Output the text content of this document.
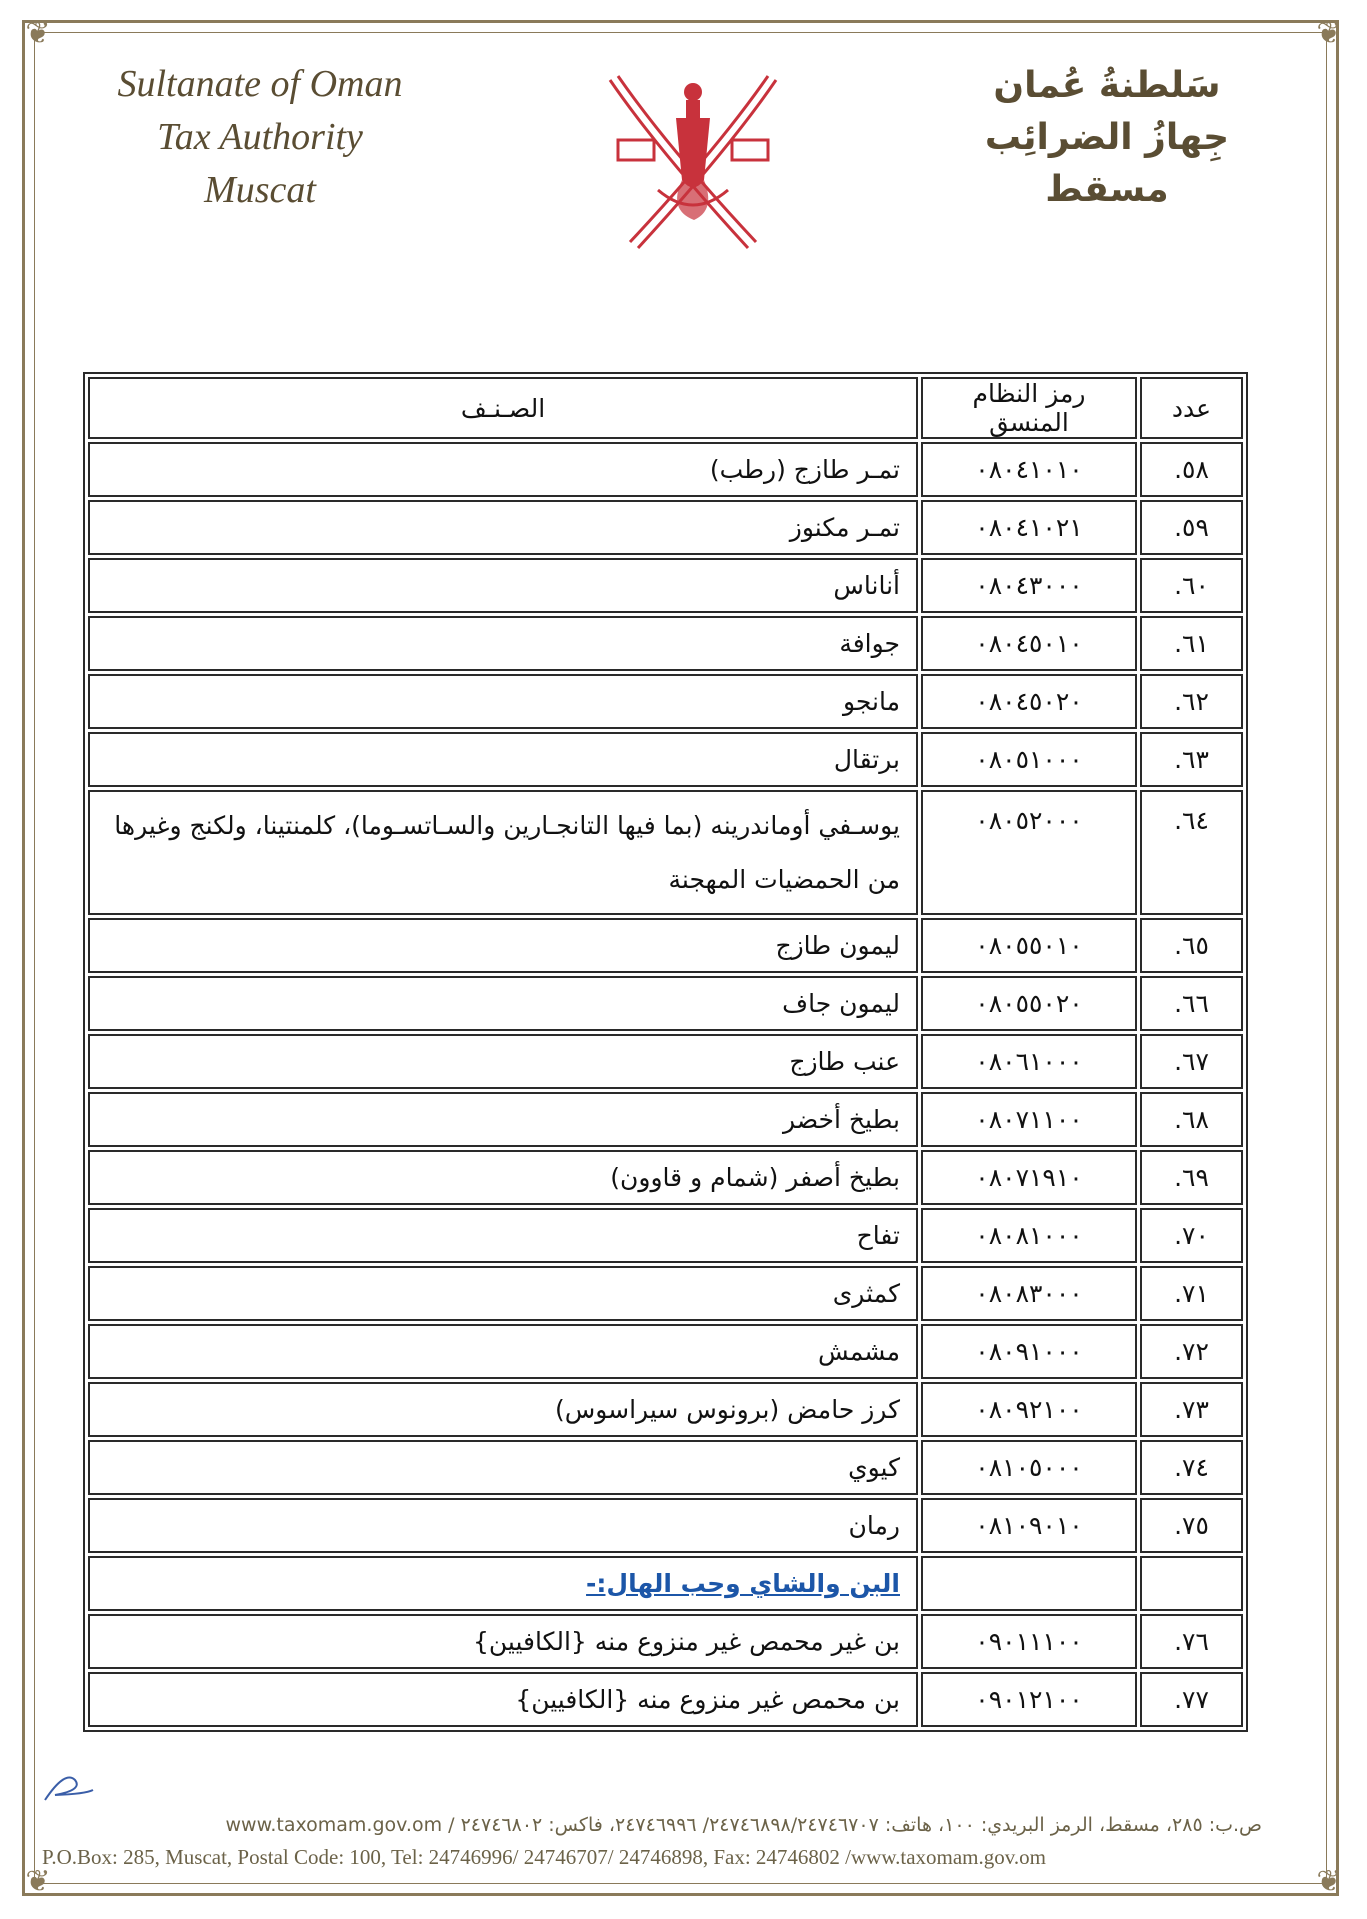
❦	❦
❦	❦
Sultanate of Oman
Tax Authority
Muscat
سَلطنةُ عُمان
جِهازُ الضرائِب
مسقط
عدد	رمز النظام المنسق	الصـنـف
٥٨.	٠٨٠٤١٠١٠	تمـر طازج (رطب)
٥٩.	٠٨٠٤١٠٢١	تمـر مكنوز
٦٠.	٠٨٠٤٣٠٠٠	أناناس
٦١.	٠٨٠٤٥٠١٠	جوافة
٦٢.	٠٨٠٤٥٠٢٠	مانجو
٦٣.	٠٨٠٥١٠٠٠	برتقال
٦٤.	٠٨٠٥٢٠٠٠	يوسـفي أوماندرينه (بما فيها التانجـارين والسـاتسـوما)، كلمنتينا، ولكنج وغيرها من الحمضيات المهجنة
٦٥.	٠٨٠٥٥٠١٠	ليمون طازج
٦٦.	٠٨٠٥٥٠٢٠	ليمون جاف
٦٧.	٠٨٠٦١٠٠٠	عنب طازج
٦٨.	٠٨٠٧١١٠٠	بطيخ أخضر
٦٩.	٠٨٠٧١٩١٠	بطيخ أصفر (شمام و قاوون)
٧٠.	٠٨٠٨١٠٠٠	تفاح
٧١.	٠٨٠٨٣٠٠٠	كمثرى
٧٢.	٠٨٠٩١٠٠٠	مشمش
٧٣.	٠٨٠٩٢١٠٠	كرز حامض (برونوس سيراسوس)
٧٤.	٠٨١٠٥٠٠٠	كيوي
٧٥.	٠٨١٠٩٠١٠	رمان
		البن والشاي وحب الهال:-
٧٦.	٠٩٠١١١٠٠	بن غير محمص غير منزوع منه {الكافيين}
٧٧.	٠٩٠١٢١٠٠	بن محمص غير منزوع منه {الكافيين}
ص.ب: ٢٨٥، مسقط، الرمز البريدي: ١٠٠، هاتف: ٢٤٧٤٦٨٩٨/٢٤٧٤٦٧٠٧/ ٢٤٧٤٦٩٩٦، فاكس: ٢٤٧٤٦٨٠٢ / www.taxomam.gov.om
P.O.Box: 285, Muscat, Postal Code: 100, Tel: 24746996/ 24746707/ 24746898, Fax: 24746802 /www.taxomam.gov.om
